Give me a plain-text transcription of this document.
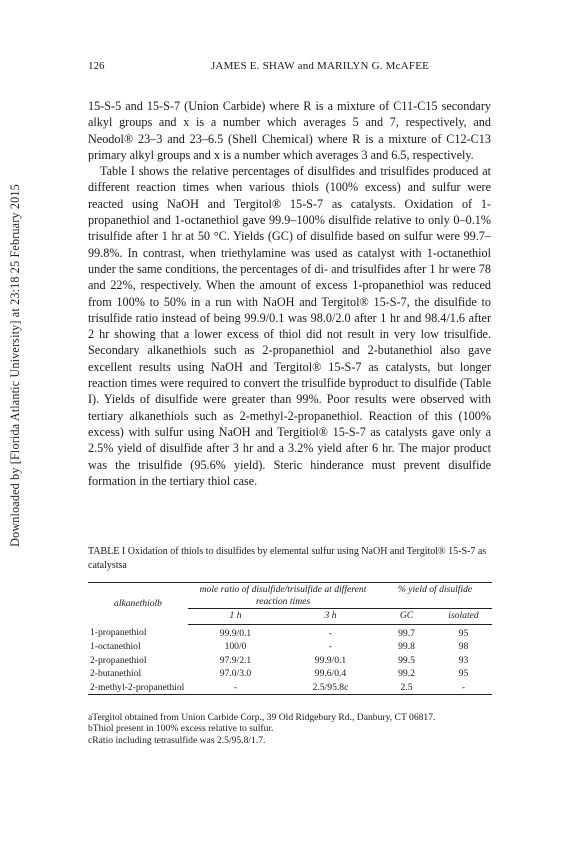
Downloaded by [Florida Atlantic University] at 23:18 25 February 2015
126	JAMES E. SHAW and MARILYN G. McAFEE

15-S-5 and 15-S-7 (Union Carbide) where R is a mixture of C11-C15 secondary alkyl groups and x is a number which averages 5 and 7, respectively, and Neodol® 23–3 and 23–6.5 (Shell Chemical) where R is a mixture of C12-C13 primary alkyl groups and x is a number which averages 3 and 6.5, respectively.

Table I shows the relative percentages of disulfides and trisulfides produced at different reaction times when various thiols (100% excess) and sulfur were reacted using NaOH and Tergitol® 15-S-7 as catalysts. Oxidation of 1-propanethiol and 1-octanethiol gave 99.9–100% disulfide relative to only 0–0.1% trisulfide after 1 hr at 50 °C. Yields (GC) of disulfide based on sulfur were 99.7–99.8%. In contrast, when triethylamine was used as catalyst with 1-octanethiol under the same conditions, the percentages of di- and trisulfides after 1 hr were 78 and 22%, respectively. When the amount of excess 1-propanethiol was reduced from 100% to 50% in a run with NaOH and Tergitol® 15-S-7, the disulfide to trisulfide ratio instead of being 99.9/0.1 was 98.0/2.0 after 1 hr and 98.4/1.6 after 2 hr showing that a lower excess of thiol did not result in very low trisulfide. Secondary alkanethiols such as 2-propanethiol and 2-butanethiol also gave excellent results using NaOH and Tergitol® 15-S-7 as catalysts, but longer reaction times were required to convert the trisulfide byproduct to disulfide (Table I). Yields of disulfide were greater than 99%. Poor results were observed with tertiary alkanethiols such as 2-methyl-2-propanethiol. Reaction of this (100% excess) with sulfur using NaOH and Tergitiol® 15-S-7 as catalysts gave only a 2.5% yield of disulfide after 3 hr and a 3.2% yield after 6 hr. The major product was the trisulfide (95.6% yield). Steric hinderance must prevent disulfide formation in the tertiary thiol case.

TABLE I Oxidation of thiols to disulfides by elemental sulfur using NaOH and Tergitol® 15-S-7 as catalystsa
alkanethiolb	mole ratio of disulfide/trisulfide at different reaction times		% yield of disulfide	
	1 h	3 h	GC	isolated
1-propanethiol	99.9/0.1	-	99.7	95
1-octanethiol	100/0	-	99.8	98
2-propanethiol	97.9/2.1	99.9/0.1	99.5	93
2-butanethiol	97.0/3.0	99.6/0.4	99.2	95
2-methyl-2-propanethiol	-	2.5/95.8c	2.5	-
aTergitol obtained from Union Carbide Corp., 39 Old Ridgebury Rd., Danbury, CT 06817.
bThiol present in 100% excess relative to sulfur.
cRatio including tetrasulfide was 2.5/95.8/1.7.
